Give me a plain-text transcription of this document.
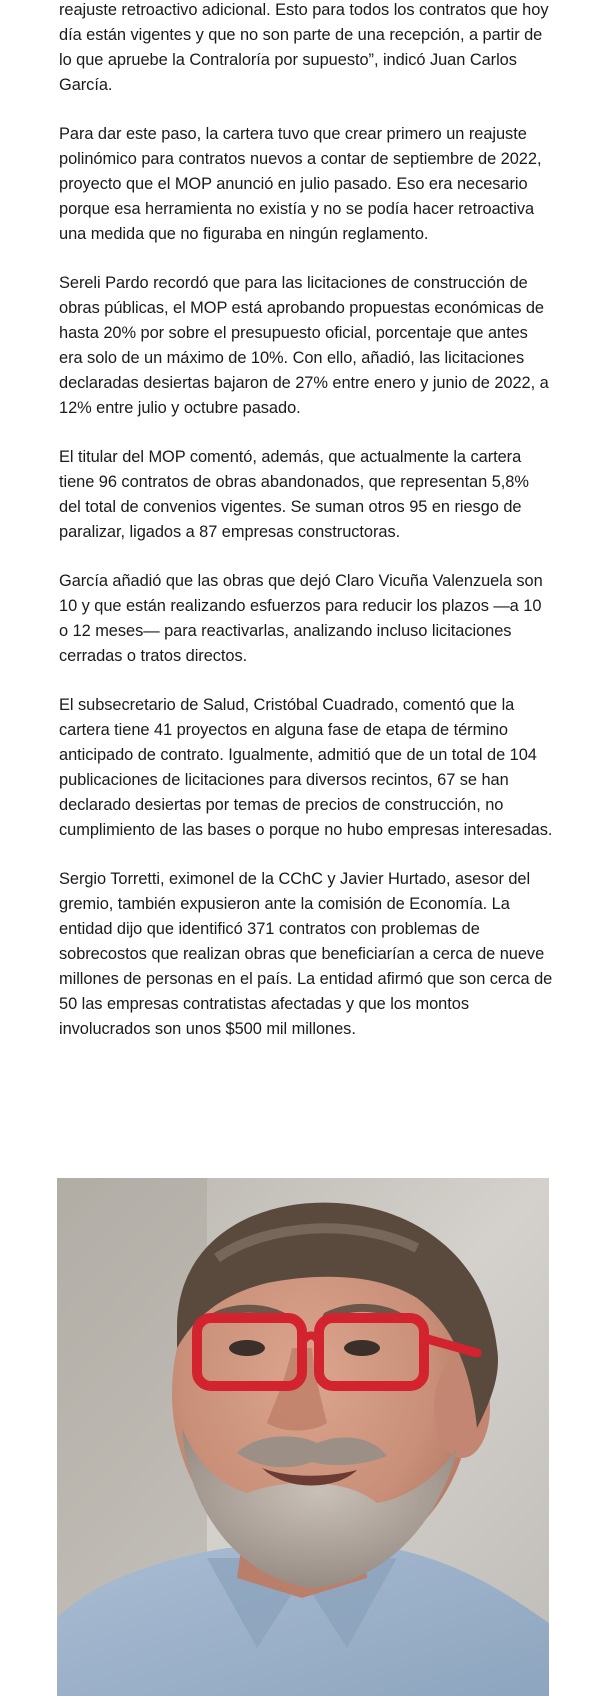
reajuste retroactivo adicional. Esto para todos los contratos que hoy día están vigentes y que no son parte de una recepción, a partir de lo que apruebe la Contraloría por supuesto”, indicó Juan Carlos García.

Para dar este paso, la cartera tuvo que crear primero un reajuste polinómico para contratos nuevos a contar de septiembre de 2022, proyecto que el MOP anunció en julio pasado. Eso era necesario porque esa herramienta no existía y no se podía hacer retroactiva una medida que no figuraba en ningún reglamento.

Sereli Pardo recordó que para las licitaciones de construcción de obras públicas, el MOP está aprobando propuestas económicas de hasta 20% por sobre el presupuesto oficial, porcentaje que antes era solo de un máximo de 10%. Con ello, añadió, las licitaciones declaradas desiertas bajaron de 27% entre enero y junio de 2022, a 12% entre julio y octubre pasado.

El titular del MOP comentó, además, que actualmente la cartera tiene 96 contratos de obras abandonados, que representan 5,8% del total de convenios vigentes. Se suman otros 95 en riesgo de paralizar, ligados a 87 empresas constructoras.

García añadió que las obras que dejó Claro Vicuña Valenzuela son 10 y que están realizando esfuerzos para reducir los plazos —a 10 o 12 meses— para reactivarlas, analizando incluso licitaciones cerradas o tratos directos.

El subsecretario de Salud, Cristóbal Cuadrado, comentó que la cartera tiene 41 proyectos en alguna fase de etapa de término anticipado de contrato. Igualmente, admitió que de un total de 104 publicaciones de licitaciones para diversos recintos, 67 se han declarado desiertas por temas de precios de construcción, no cumplimiento de las bases o porque no hubo empresas interesadas.

Sergio Torretti, eximonel de la CChC y Javier Hurtado, asesor del gremio, también expusieron ante la comisión de Economía. La entidad dijo que identificó 371 contratos con problemas de sobrecostos que realizan obras que beneficiarían a cerca de nueve millones de personas en el país. La entidad afirmó que son cerca de 50 las empresas contratistas afectadas y que los montos involucrados son unos $500 mil millones.
